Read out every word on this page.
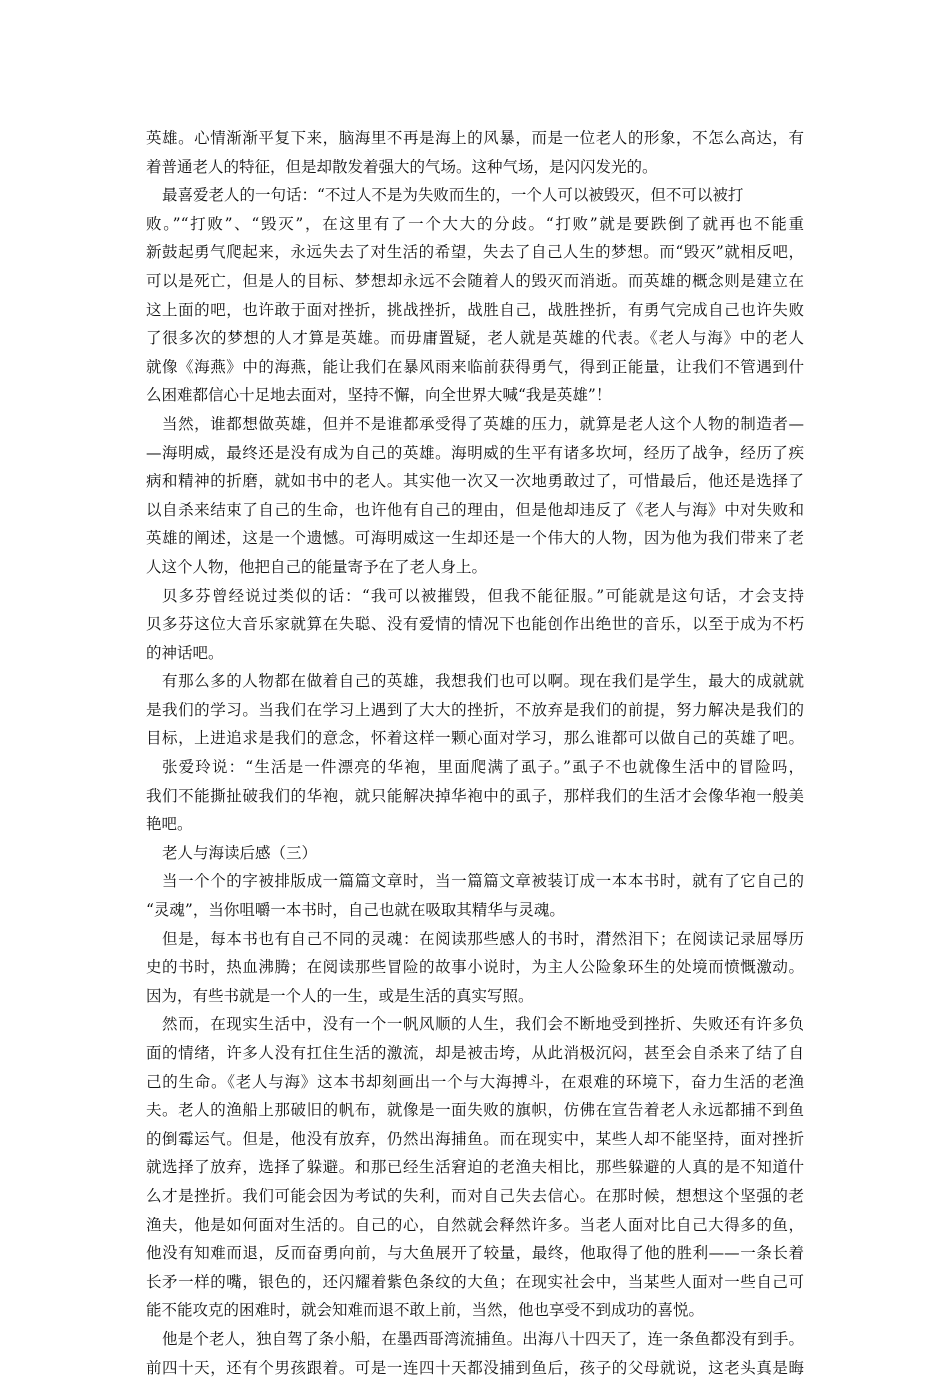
英雄。心情渐渐平复下来，脑海里不再是海上的风暴，而是一位老人的形象，不怎么高达，有
着普通老人的特征，但是却散发着强大的气场。这种气场，是闪闪发光的。
最喜爱老人的一句话：“不过人不是为失败而生的，一个人可以被毁灭，但不可以被打
败。”“打败”、“毁灭”，在这里有了一个大大的分歧。“打败”就是要跌倒了就再也不能重
新鼓起勇气爬起来，永远失去了对生活的希望，失去了自己人生的梦想。而“毁灭”就相反吧，
可以是死亡，但是人的目标、梦想却永远不会随着人的毁灭而消逝。而英雄的概念则是建立在
这上面的吧，也许敢于面对挫折，挑战挫折，战胜自己，战胜挫折，有勇气完成自己也许失败
了很多次的梦想的人才算是英雄。而毋庸置疑，老人就是英雄的代表。《老人与海》中的老人
就像《海燕》中的海燕，能让我们在暴风雨来临前获得勇气，得到正能量，让我们不管遇到什
么困难都信心十足地去面对，坚持不懈，向全世界大喊“我是英雄”！
当然，谁都想做英雄，但并不是谁都承受得了英雄的压力，就算是老人这个人物的制造者—
—海明威，最终还是没有成为自己的英雄。海明威的生平有诸多坎坷，经历了战争，经历了疾
病和精神的折磨，就如书中的老人。其实他一次又一次地勇敢过了，可惜最后，他还是选择了
以自杀来结束了自己的生命，也许他有自己的理由，但是他却违反了《老人与海》中对失败和
英雄的阐述，这是一个遗憾。可海明威这一生却还是一个伟大的人物，因为他为我们带来了老
人这个人物，他把自己的能量寄予在了老人身上。
贝多芬曾经说过类似的话：“我可以被摧毁，但我不能征服。”可能就是这句话，才会支持
贝多芬这位大音乐家就算在失聪、没有爱情的情况下也能创作出绝世的音乐，以至于成为不朽
的神话吧。
有那么多的人物都在做着自己的英雄，我想我们也可以啊。现在我们是学生，最大的成就就
是我们的学习。当我们在学习上遇到了大大的挫折，不放弃是我们的前提，努力解决是我们的
目标，上进追求是我们的意念，怀着这样一颗心面对学习，那么谁都可以做自己的英雄了吧。
张爱玲说：“生活是一件漂亮的华袍，里面爬满了虱子。”虱子不也就像生活中的冒险吗，
我们不能撕扯破我们的华袍，就只能解决掉华袍中的虱子，那样我们的生活才会像华袍一般美
艳吧。
老人与海读后感（三）
当一个个的字被排版成一篇篇文章时，当一篇篇文章被装订成一本本书时，就有了它自己的
“灵魂”，当你咀嚼一本书时，自己也就在吸取其精华与灵魂。
但是，每本书也有自己不同的灵魂：在阅读那些感人的书时，潸然泪下；在阅读记录屈辱历
史的书时，热血沸腾；在阅读那些冒险的故事小说时，为主人公险象环生的处境而愤慨激动。
因为，有些书就是一个人的一生，或是生活的真实写照。
然而，在现实生活中，没有一个一帆风顺的人生，我们会不断地受到挫折、失败还有许多负
面的情绪，许多人没有扛住生活的激流，却是被击垮，从此消极沉闷，甚至会自杀来了结了自
己的生命。《老人与海》这本书却刻画出一个与大海搏斗，在艰难的环境下，奋力生活的老渔
夫。老人的渔船上那破旧的帆布，就像是一面失败的旗帜，仿佛在宣告着老人永远都捕不到鱼
的倒霉运气。但是，他没有放弃，仍然出海捕鱼。而在现实中，某些人却不能坚持，面对挫折
就选择了放弃，选择了躲避。和那已经生活窘迫的老渔夫相比，那些躲避的人真的是不知道什
么才是挫折。我们可能会因为考试的失利，而对自己失去信心。在那时候，想想这个坚强的老
渔夫，他是如何面对生活的。自己的心，自然就会释然许多。当老人面对比自己大得多的鱼，
他没有知难而退，反而奋勇向前，与大鱼展开了较量，最终，他取得了他的胜利——一条长着
长矛一样的嘴，银色的，还闪耀着紫色条纹的大鱼；在现实社会中，当某些人面对一些自己可
能不能攻克的困难时，就会知难而退不敢上前，当然，他也享受不到成功的喜悦。
他是个老人，独自驾了条小船，在墨西哥湾流捕鱼。出海八十四天了，连一条鱼都没有到手。
前四十天，还有个男孩跟着。可是一连四十天都没捕到鱼后，孩子的父母就说，这老头真是晦
